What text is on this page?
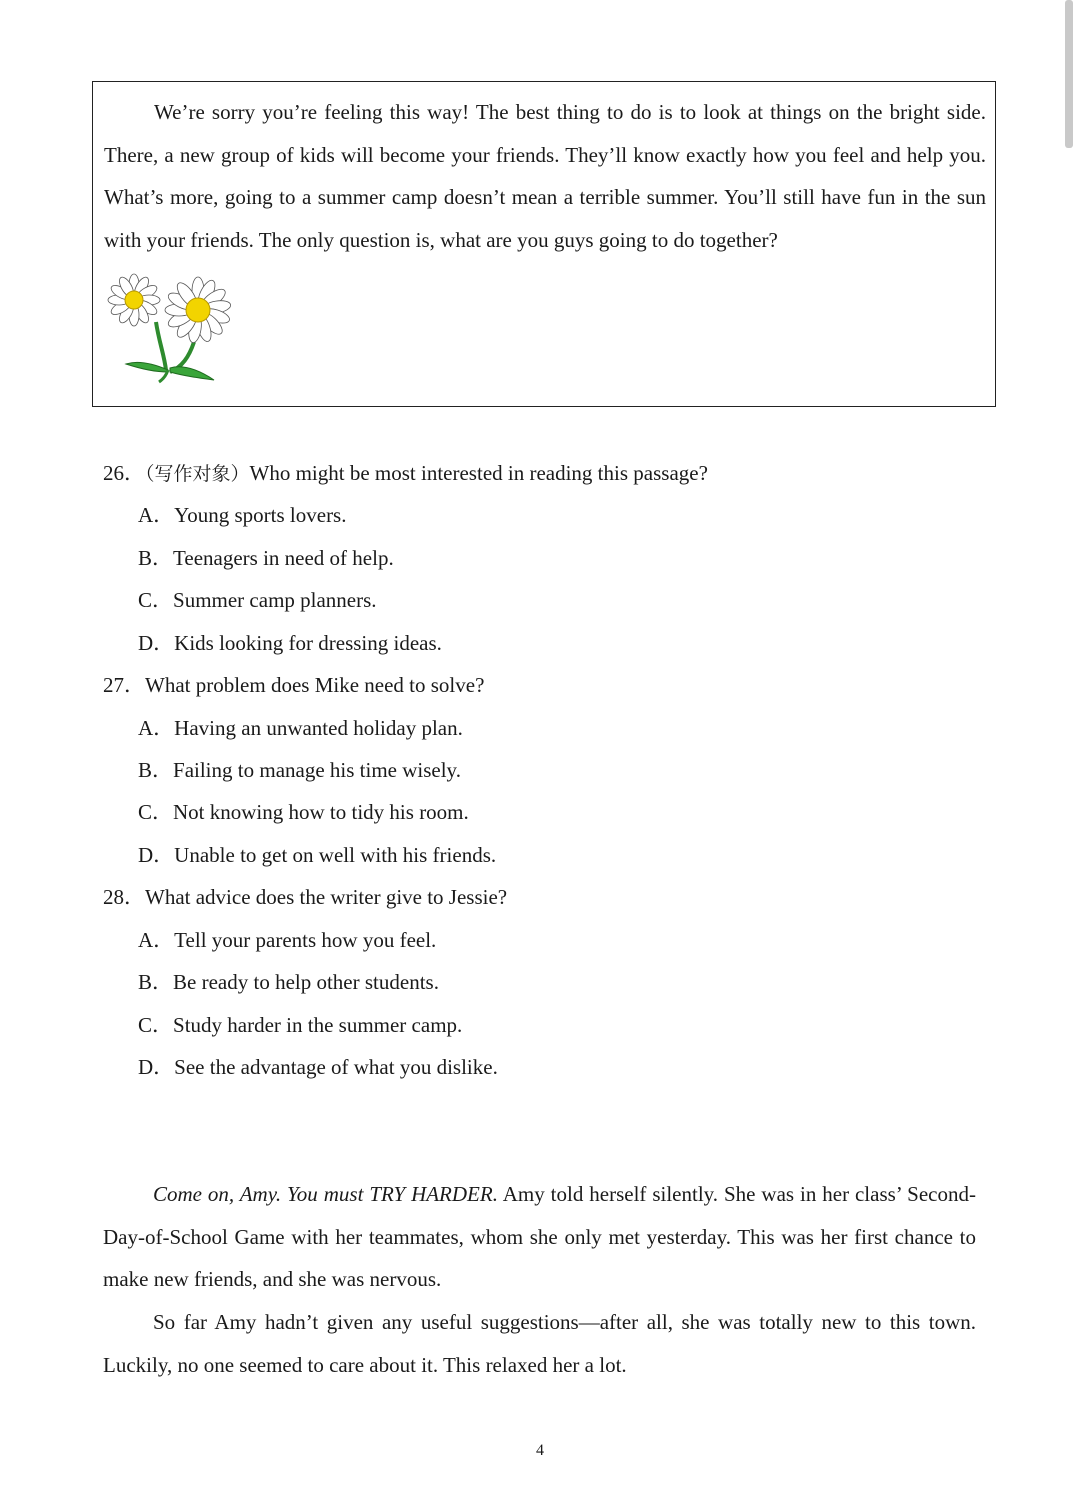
We’re sorry you’re feeling this way! The best thing to do is to look at things on the bright side. There, a new group of kids will become your friends. They’ll know exactly how you feel and help you. What’s more, going to a summer camp doesn’t mean a terrible summer. You’ll still have fun in the sun with your friends. The only question is, what are you guys going to do together?

26．（写作对象）Who might be most interested in reading this passage?

A．Young sports lovers.

B．Teenagers in need of help.

C．Summer camp planners.

D．Kids looking for dressing ideas.

27．What problem does Mike need to solve?

A．Having an unwanted holiday plan.

B．Failing to manage his time wisely.

C．Not knowing how to tidy his room.

D．Unable to get on well with his friends.

28．What advice does the writer give to Jessie?

A．Tell your parents how you feel.

B．Be ready to help other students.

C．Study harder in the summer camp.

D．See the advantage of what you dislike.

Come on, Amy. You must TRY HARDER. Amy told herself silently. She was in her class’ Second-Day-of-School Game with her teammates, whom she only met yesterday. This was her first chance to make new friends, and she was nervous.

So far Amy hadn’t given any useful suggestions—after all, she was totally new to this town. Luckily, no one seemed to care about it. This relaxed her a lot.

4
